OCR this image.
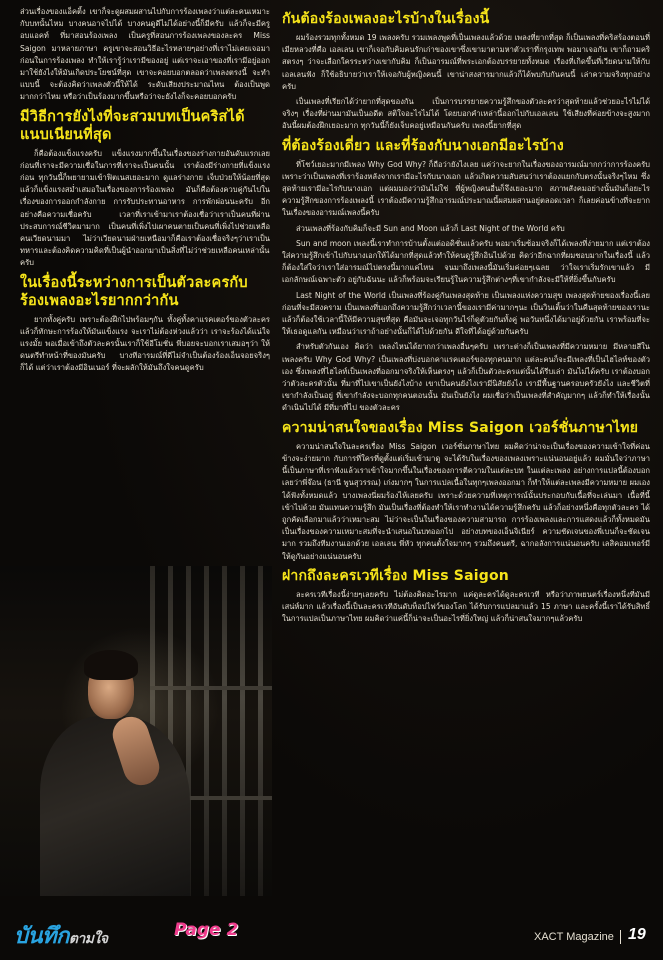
ส่วนเรื่องของแอ็คติ้ง เขาก็จะดูผสมผสานไปกับการร้องเพลงว่าแต่ละคนเหมาะกับบทนั้นไหม บางคนอาจไปได้ บางคนดูดีไม่ได้อย่างนี้ก็มีครับ แล้วก็จะมีครูอบแอคท์ ที่มาสอนร้องเพลง เป็นครูที่สอนการร้องเพลงของละคร Miss Saigon มาหลายภาษา ครูเขาจะสอนวิธีอะไรหลายๆอย่างที่เราไม่เคยเจอมาก่อนในการร้องเพลง ทำให้เรารู้ว่าเรามีของอยู่ แต่เราจะเอาของที่เรามีอยู่ออกมาใช้ยังไงให้มันเกิดประโยชน์ที่สุด เขาจะคอยบอกตลอดว่าเพลงตรงนี้ จะทำแบบนี้ จะต้องคิดว่าเพลงตัวนี้ให้ได้ ระดับเสียงประมาณไหน ต้องเป็นพูดมากกว่าไหม หรือว่าเป็นร้องมากขึ้นหรือว่าจะยังไงก็จะคอยบอกครับ

มีวิธีการยังไงที่จะสวมบทเป็นคริสได้แนบเนียนที่สุด

ก็คือต้องแข็งแรงครับ แข็งแรงมากขึ้นในเรื่องของร่างกายอันดับแรกเลย ก่อนที่เราจะมีความเชื่อในการที่เราจะเป็นคนนั้น เราต้องมีร่างกายที่แข็งแรงก่อน ทุกวันนี้ก็พยายามเข้าฟิตเนสเยอะมาก ดูแลร่างกาย เจ็บป่วยให้น้อยที่สุดแล้วก็แข็งแรงสม่ำเสมอในเรื่องของการร้องเพลง มันก็คือต้องควบคู่กันไปในเรื่องของการออกกำลังกาย การรับประทานอาหาร การพักผ่อนนะครับ อีกอย่างคือความเชื่อครับ เวลาที่เราเข้ามาเราต้องเชื่อว่าเราเป็นคนที่ผ่านประสบการณ์ชีวิตมามาก เป็นคนที่เพิ่งไปเผาคนตายเป็นคนที่เพิ่งไปช่วยเหลือคนเวียดนามมา ไม่ว่าเวียดนามฝ่ายเหนือมาก็คือเราต้องเชื่อจริงๆว่าเราเป็นทหารและต้องคิดความคิดที่เป็นผู้นำออกมาเป็นสิ่งที่ไม่ว่าช่วยเหลือคนเหล่านั้นครับ

ในเรื่องนี้ระหว่างการเป็นตัวละครกับร้องเพลงอะไรยากกว่ากัน

ยากทั้งคู่ครับ เพราะต้องฝึกไปพร้อมๆกัน ทั้งคู่ทั้งคาแรคเตอร์ของตัวละครแล้วก็ทักษะการร้องให้มันแข็งแรง จะเราไม่ต้องห่วงแล้วว่า เราจะร้องได้แน่ใจแรงมั้ย พอเมื่อเข้าถึงตัวละครนั้นเราก็ใช้อีโมชั่น พี่บอยจะบอกเราเสมอๆว่า ให้ดนตรีทำหน้าที่ของมันครับ บางทีอารมณ์ที่ดีไม่จำเป็นต้องร้องเอ็นจอยจริงๆก็ได้ แต่ว่าเราต้องมีอินเนอร์ ที่จะผลักให้มันถึงใจคนดูครับ

กันต้องร้องเพลงอะไรบ้างในเรื่องนี้

ผมร้องรวมทุกทั้งหมด 19 เพลงครับ รวมเพลงพูดที่เป็นเพลงแล้วด้วย เพลงที่ยากที่สุด ก็เป็นเพลงที่คริสร้องตอนที่เมียหลวงที่คือ เอลเลน เขาก็เจอกับคิมคนรักเก่าของเขาซึ่งเขามาตามหาตัวเราที่กรุงเทพ พอมาเจอกัน เขาก็ถามคริสตรงๆ ว่าจะเลือกใครระหว่างเขากับคิม ก็เป็นอารมณ์ที่พระเอกต้องบรรยายทั้งหมด เรื่องที่เกิดขึ้นที่เวียดนามให้กับเอลเลนฟัง ก็ใช้อธิบายว่าเราให้เจอกับผู้หญิงคนนี้ เขาน่าสงสารมากแล้วก็ได้พบกับกันคนนี้ เล่าความจริงทุกอย่างครับ

เป็นเพลงที่เรียกได้ว่ายากที่สุดของกัน เป็นการบรรยายความรู้สึกของตัวละครว่าสุดท้ายแล้วช่วยอะไรไม่ได้จริงๆ เรื่องที่ผ่านมามันเป็นอดีต สติใจอะไรไม่ได้ โดยบอกคำเหล่านี้ออกไปกับเอลเลน ใช้เสียงที่ค่อยข้างจะสูงมาก อันนี้ผมต้องฝึกเยอะมาก ทุกวันนี้ก็ยังเจ็บคอยู่เหมือนกันครับ เพลงนี้ยากที่สุด

ที่ต้องร้องเดี่ยว และที่ร้องกับนางเอกมีอะไรบ้าง

ที่โชว์เยอะมากมีเพลง Why God Why? ก็ถือว่ายังไงเลย แค่ว่าจะยากในเรื่องของอารมณ์มากกว่าการร้องครับ เพราะว่าเป็นเพลงที่เราร้องหลังจากเรามีอะไรกับนางเอก แล้วเกิดความสับสนว่าเราต้องแยกกับตรงนั้นจริงๆไหม ซึ่งสุดท้ายเรามีอะไรกับนางเอก แต่ผมมองว่ามันไม่ใช่ ที่ผู้หญิงคนอื่นก็จึงเยอะมาก สภาพสังคมอย่างนั้นมันก็อยะไร ความรู้สึกของการร้องเพลงนี้ เราต้องมีความรู้สึกอารมณ์ประมาณนี้ผสมผสานอยู่ตลอดเวลา ก็เลยค่อนข้างที่จะยากในเรื่องของอารมณ์เพลงนี้ครับ

ส่วนเพลงที่ร้องกับคิมก็จะมี Sun and Moon แล้วก็ Last Night of the World ครับ

Sun and moon เพลงนี้เราทำการบ้านตั้งแต่ออดิชั่นแล้วครับ พอมาเริ่มซ้อมจริงก็ได้เพลงที่ง่ายมาก แต่เราต้องใส่ความรู้สึกเข้าไปกับนางเอกให้ได้มากที่สุดแล้วทำให้คนดูรู้สึกอินไปด้วย คิดว่าอีกฉากที่ผมชอบมากในเรื่องนี้ แล้วก็ต้องใส่ใจว่าเราใส่อารมณ์ไปตรงนี้มากแค่ไหน จนมาถึงเพลงนี้มันเริ่มค่อยๆเฉลย ว่าใจเราเริ่มรักเขาแล้ว มีเอกลักษณ์เฉพาะตัว อยู่กับฉันนะ แล้วก็พร้อมจะเรียนรู้ในความรู้สึกต่างๆที่เขากำลังจะมีให้ที่ยิ่งขึ้นกับครับ

Last Night of the World เป็นเพลงที่ร้องคู่กันเพลงสุดท้าย เป็นเพลงแห่งความสุข เพลงสุดท้ายของเรื่องนี้เลย ก่อนที่จะมีสงคราม เป็นเพลงที่บอกถึงความรู้สึกว่าเวลานี้ของเรามีค่ามากๆนะ เป็นวินเติ้นว่าในคืนสุดท้ายของเรานะ แล้วก็ต้องใช้เวลานี้ให้มีความสุขที่สุด คือมันจะเจอทุกวันไร่ก็ดูตัวยกันทั้งคู่ พอวันหนึ่งได้มาอยู่ด้วยกัน เราพร้อมที่จะให้เธอดูแลกัน เหมือนว่าเราถ้าอย่างนั้นก็ได้ไปด้วยกัน ดีใจที่ได้อยู่ด้วยกันครับ

สำหรับตัวกันเอง คิดว่า เพลงไหนได้ยากกว่าเพลงอื่นๆครับ เพราะต่างก็เป็นเพลงที่มีความหมาย มีหลายสีในเพลงครับ Why God Why? เป็นเพลงที่บ่งบอกคาแรคเตอร์ของทุกคนมาก แต่ละคนก็จะมีเพลงที่เป็นไฮไลท์ของตัวเอง ซึ่งเพลงที่ไฮไลท์เป็นเพลงที่ออกมาจริงให้เห็นตรงๆ แล้วก็เป็นตัวละครแต่นั้นได้รีบเล่า มันไม่ได้ครับ เราต้องบอกว่าตัวละครตัวนั้น ที่มาที่ไปเขาเป็นยังไงบ้าง เขาเป็นคนยังไงเรามีนิสัยยังไง เรามีพื้นฐานครอบครัวยังไง และชีวิตที่เขากำลังเป็นอยู่ ที่เขากำลังจะบอกทุกคนตอนนั้น มันเป็นยังไง ผมเชื่อว่าเป็นเพลงที่สำคัญมากๆ แล้วก็ทำให้เรื่องนั้นดำเนินไปได้ มีที่มาที่ไป ของตัวละคร

ความน่าสนใจของเรื่อง Miss Saigon เวอร์ชั่นภาษาไทย

ความน่าสนใจในละครเรื่อง Miss Saigon เวอร์ชั่นภาษาไทย ผมคิดว่าน่าจะเป็นเรื่องของความเข้าใจที่ค่อนข้างจะง่ายมาก กับการที่ใครที่ดูตั้งแต่เริ่มเข้ามาดู จะได้รับในเรื่องของเพลงเพราะแน่นอนอยู่แล้ว ผมมั่นใจว่าภาษานี้เป็นภาษาที่เราฟังแล้วเราเข้าใจมากขึ้นในเรื่องของการตีความในแต่ละบท ในแต่ละเพลง อย่างการแปลนี้ต้องบอกเลยว่าพี่จ๊อน (ธานี พูนสุวรรณ) เก่งมากๆ ในการแปลเนื้อในทุกๆเพลงออกมา ก็ทำให้แต่ละเพลงมีความหมาย ผมเองได้ฟังทั้งหมดแล้ว บางเพลงนี่ผมร้องไห้เลยครับ เพราะด้วยความที่เหตุการณ์นั้นประกอบกับเนื้อที่จะเล่นมา เนื้อที่นี้เข้าไปด้วย มันแทนความรู้สึก มันเป็นเรื่องที่ต้องทำให้เราทำงานได้ความรู้สึกครับ แล้วก็อย่างหนึ่งคือทุกตัวละคร ได้ถูกคัดเลือกมาแล้วว่าเหมาะสม ไม่ว่าจะเป็นในเรื่องของความสามารถ การร้องเพลงและการแสดงแล้วก็ทั้งหมดมันเป็นเรื่องของความเหมาะสมที่จะนำเสนอในบทออกไป อย่างบทของเอ็นจิเนียร์ ความชัดเจนของพี่เบนก็จะชัดเจนมาก รวมถึงทีมงานเอกด้วย เอลเลน พี่หัว ทุกคนตั้งใจมากๆ รวมถึงคนตรี, ฉากอลังการแน่นอนครับ เลสิคอมเพอร์มีให้ดูกันอย่างแน่นอนครับ

ฝากถึงละครเวทีเรื่อง Miss Saigon

ละครเวทีเรื่องนี้ง่ายๆเลยครับ ไม่ต้องคิดอะไรมาก แค่ดูละครได้ดูละครเวที หรือว่าภาพยนตร์เรื่องหนึ่งที่มันมีเสน่ห์มาก แล้วเรื่องนี้เป็นละครเวทีอันดับท็อปไฟว์ของโลก ได้รับการแปลมาแล้ว 15 ภาษา และครั้งนี้เราได้รับสิทธิ์ในการแปลเป็นภาษาไทย ผมคิดว่าแค่นี้ก็น่าจะเป็นอะไรที่ยิ่งใหญ่ แล้วก็น่าสนใจมากๆแล้วครับ

บันทึกตามใจ	Page 2	XACT Magazine 19
